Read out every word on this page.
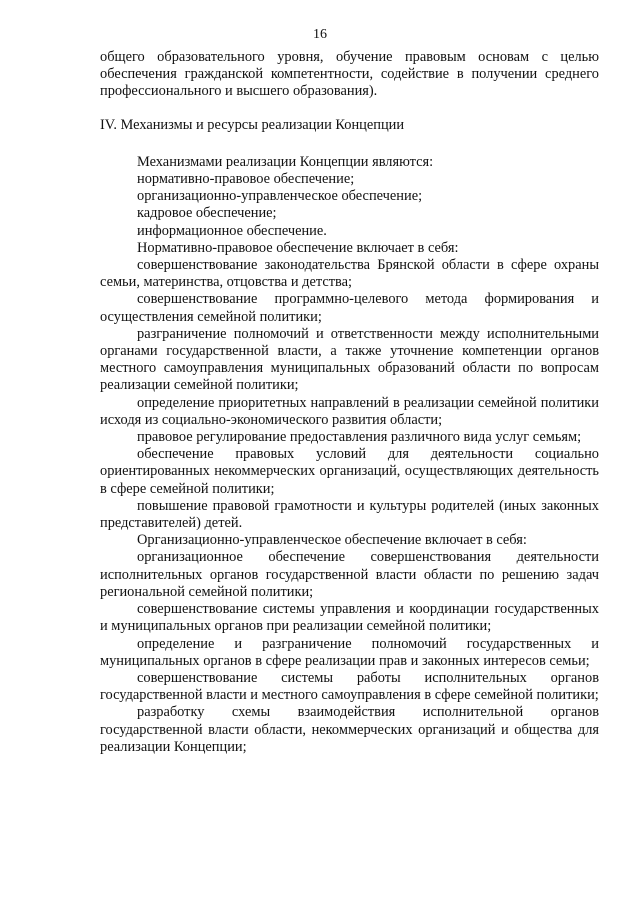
16

общего образовательного уровня, обучение правовым основам с целью обеспечения гражданской компетентности, содействие в получении среднего профессионального и высшего образования).

IV. Механизмы и ресурсы реализации Концепции

Механизмами реализации Концепции являются:

нормативно-правовое обеспечение;

организационно-управленческое обеспечение;

кадровое обеспечение;

информационное обеспечение.

Нормативно-правовое обеспечение включает в себя:

совершенствование законодательства Брянской области в сфере охраны семьи, материнства, отцовства и детства;

совершенствование программно-целевого метода формирования и осуществления семейной политики;

разграничение полномочий и ответственности между исполнительными органами государственной власти, а также уточнение компетенции органов местного самоуправления муниципальных образований области по вопросам реализации семейной политики;

определение приоритетных направлений в реализации семейной политики исходя из социально-экономического развития области;

правовое регулирование предоставления различного вида услуг семьям;

обеспечение правовых условий для деятельности социально ориентированных некоммерческих организаций, осуществляющих деятельность в сфере семейной политики;

повышение правовой грамотности и культуры родителей (иных законных представителей) детей.

Организационно-управленческое обеспечение включает в себя:

организационное обеспечение совершенствования деятельности исполнительных органов государственной власти области по решению задач региональной семейной политики;

совершенствование системы управления и координации государственных и муниципальных органов при реализации семейной политики;

определение и разграничение полномочий государственных и муниципальных органов в сфере реализации прав и законных интересов семьи;

совершенствование системы работы исполнительных органов государственной власти и местного самоуправления в сфере семейной политики;

разработку схемы взаимодействия исполнительной органов государственной власти области, некоммерческих организаций и общества для реализации Концепции;
